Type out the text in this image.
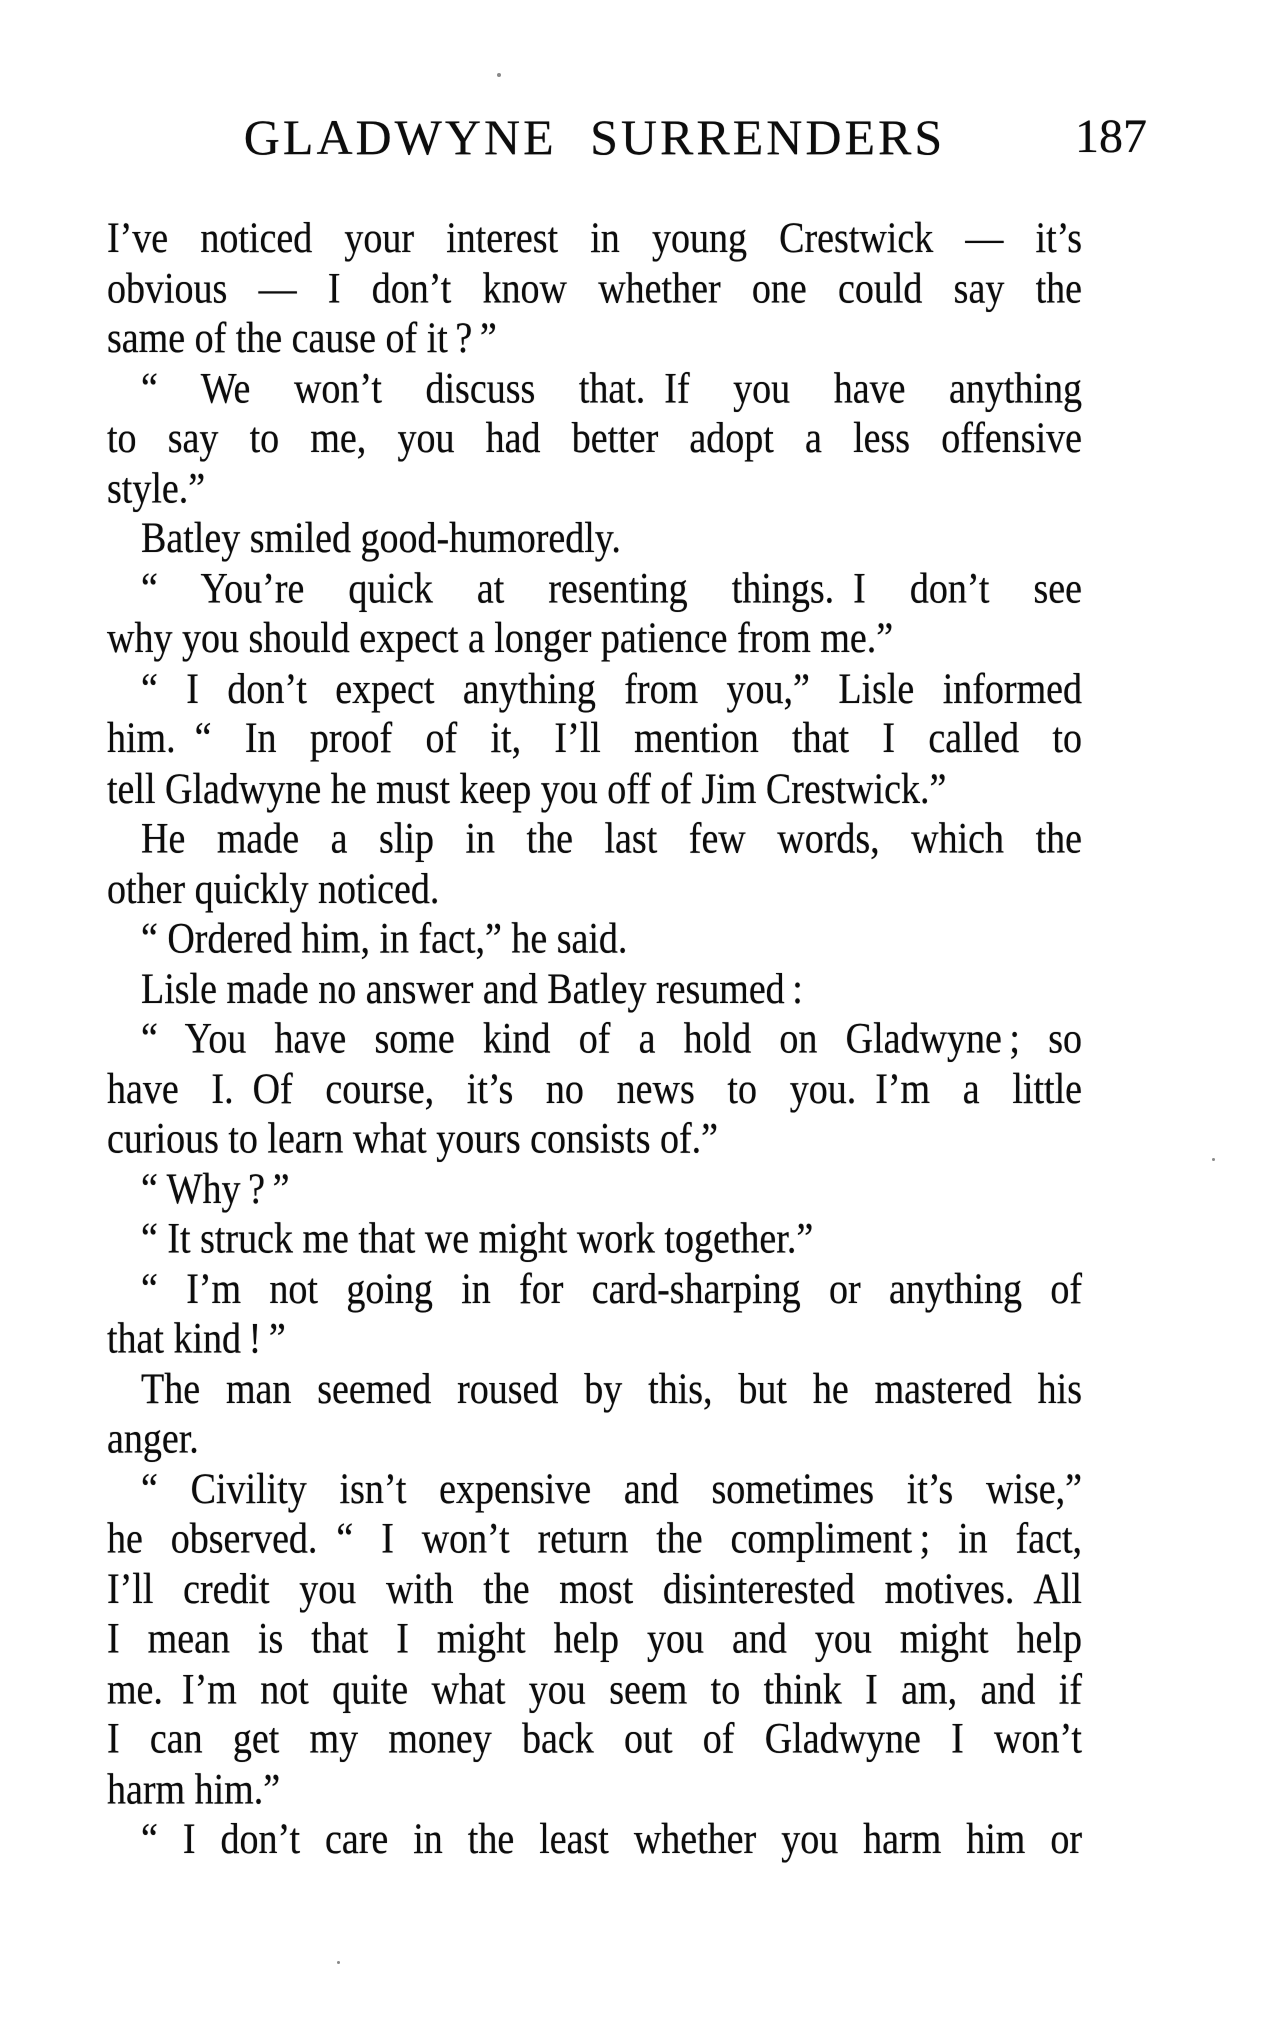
GLADWYNE SURRENDERS	187
I’ve noticed your interest in young Crestwick — it’s
obvious — I don’t know whether one could say the
same of the cause of it ? ”
“ We won’t discuss that. If you have anything
to say to me, you had better adopt a less offensive
style.”
Batley smiled good-humoredly.
“ You’re quick at resenting things. I don’t see
why you should expect a longer patience from me.”
“ I don’t expect anything from you,” Lisle informed
him. “ In proof of it, I’ll mention that I called to
tell Gladwyne he must keep you off of Jim Crestwick.”
He made a slip in the last few words, which the
other quickly noticed.
“ Ordered him, in fact,” he said.
Lisle made no answer and Batley resumed :
“ You have some kind of a hold on Gladwyne ; so
have I. Of course, it’s no news to you. I’m a little
curious to learn what yours consists of.”
“ Why ? ”
“ It struck me that we might work together.”
“ I’m not going in for card-sharping or anything of
that kind ! ”
The man seemed roused by this, but he mastered his
anger.
“ Civility isn’t expensive and sometimes it’s wise,”
he observed. “ I won’t return the compliment ; in fact,
I’ll credit you with the most disinterested motives. All
I mean is that I might help you and you might help
me. I’m not quite what you seem to think I am, and if
I can get my money back out of Gladwyne I won’t
harm him.”
“ I don’t care in the least whether you harm him or
